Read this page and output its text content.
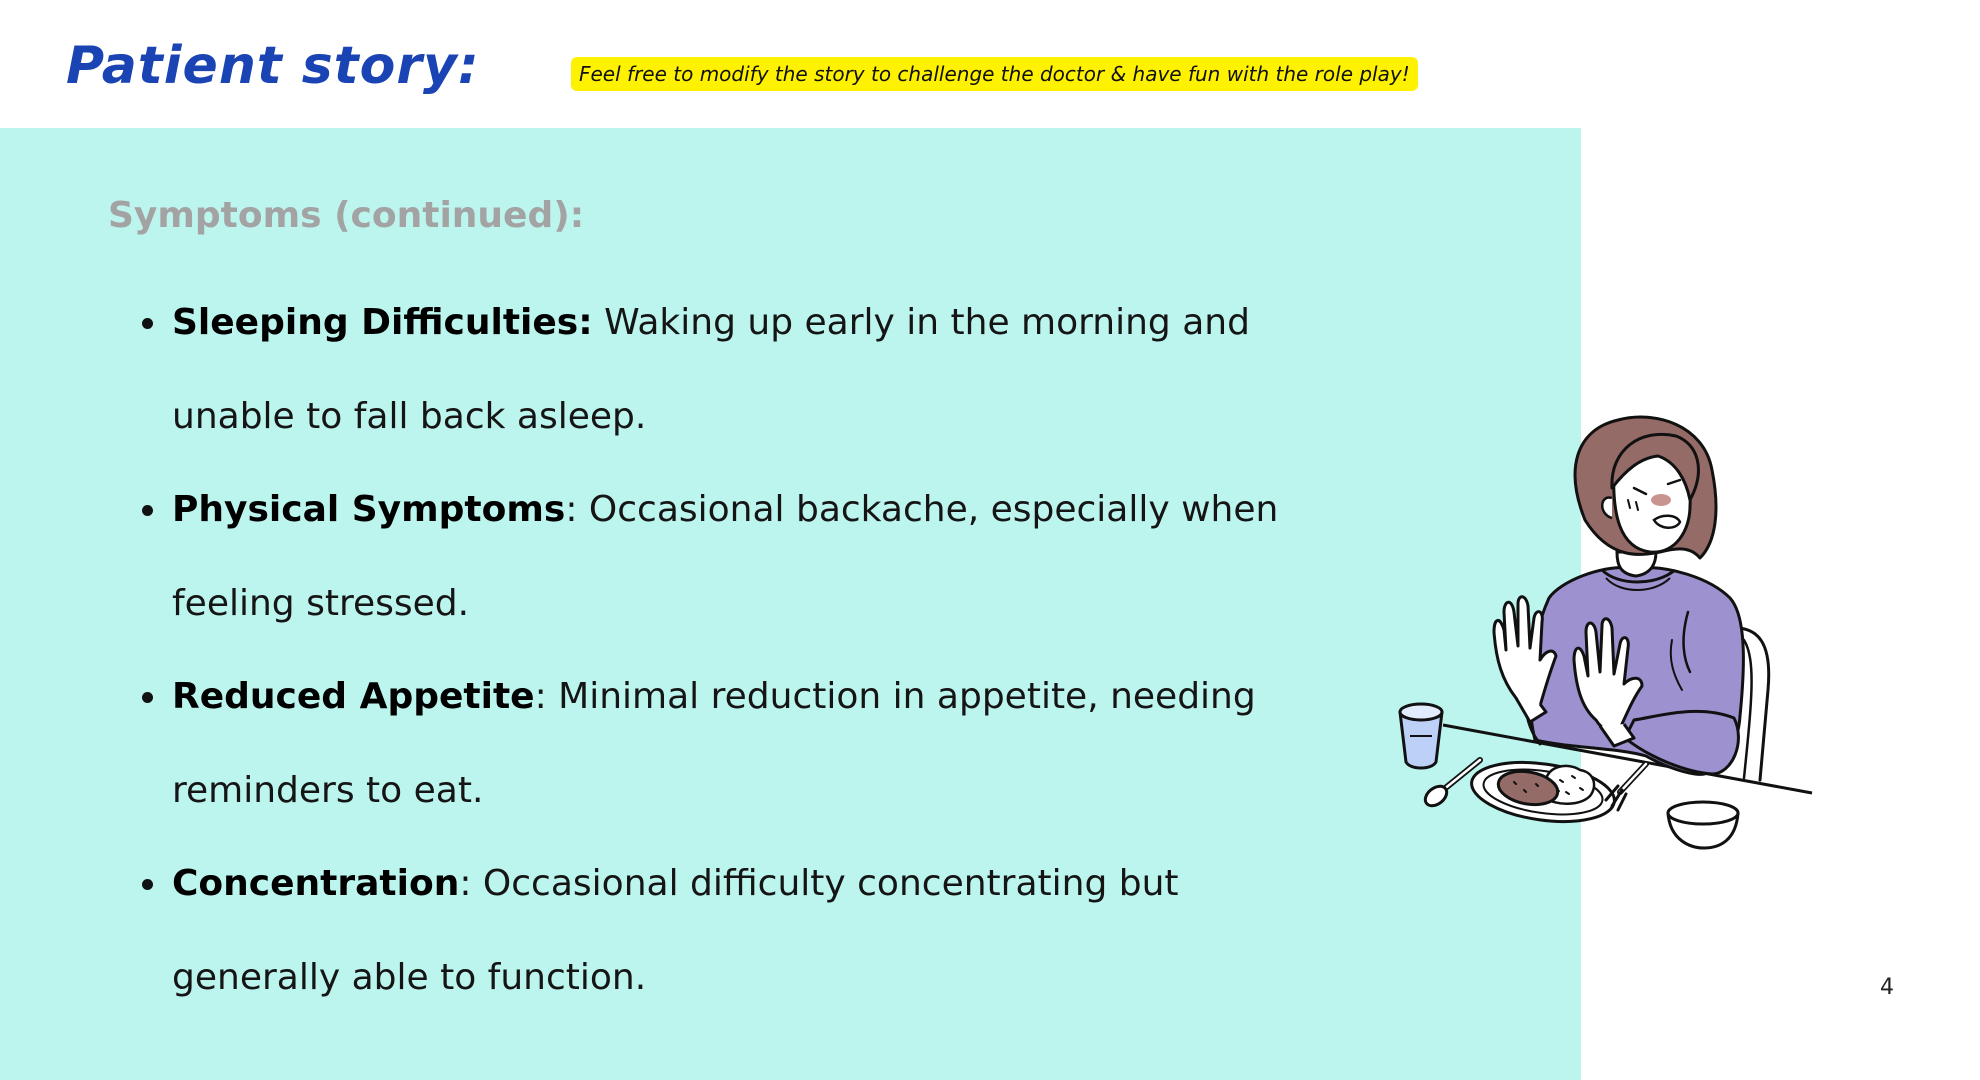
Patient story:	Feel free to modify the story to challenge the doctor & have fun with the role play!
Symptoms (continued):
Sleeping Difficulties: Waking up early in the morning and unable to fall back asleep.
Physical Symptoms: Occasional backache, especially when feeling stressed.
Reduced Appetite: Minimal reduction in appetite, needing reminders to eat.
Concentration: Occasional difficulty concentrating but generally able to function.	4
